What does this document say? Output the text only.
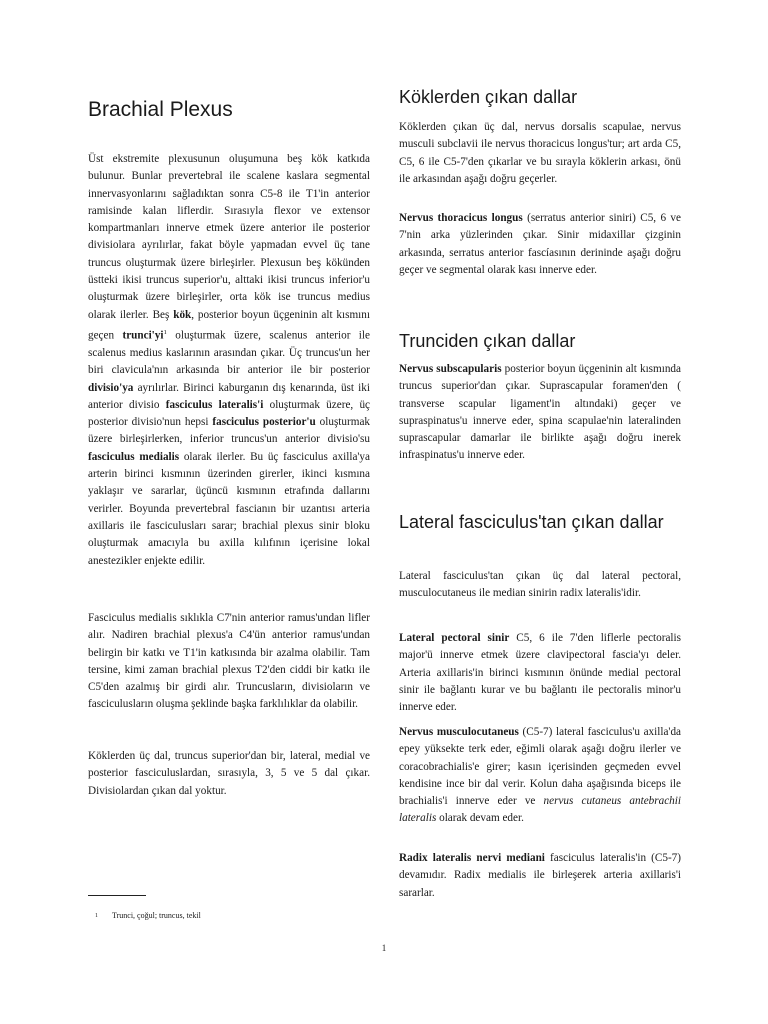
Brachial Plexus

Üst ekstremite plexusunun oluşumuna beş kök katkıda bulunur. Bunlar prevertebral ile scalene kaslara segmental innervasyonlarını sağladıktan sonra C5-8 ile T1'in anterior ramisinde kalan liflerdir. Sırasıyla flexor ve extensor kompartmanları innerve etmek üzere anterior ile posterior divisiolara ayrılırlar, fakat böyle yapmadan evvel üç tane truncus oluşturmak üzere birleşirler. Plexusun beş kökünden üstteki ikisi truncus superior'u, alttaki ikisi truncus inferior'u oluşturmak üzere birleşirler, orta kök ise truncus medius olarak ilerler. Beş kök, posterior boyun üçgeninin alt kısmını geçen $trunci'yi^1$ oluşturmak üzere, scalenus anterior ile scalenus medius kaslarının arasından çıkar. Üç truncus'un her biri clavicula'nın arkasında bir anterior ile bir posterior divisio'ya ayrılırlar. Birinci kaburganın dış kenarında, üst iki anterior divisio fasciculus lateralis'i oluşturmak üzere, üç posterior divisio'nun hepsi fasciculus posterior'u oluşturmak üzere birleşirlerken, inferior truncus'un anterior divisio'su fasciculus medialis olarak ilerler. Bu üç fasciculus axilla'ya arterin birinci kısmının üzerinden girerler, ikinci kısmına yaklaşır ve sararlar, üçüncü kısmının etrafında dallarını verirler. Boyunda prevertebral fascianın bir uzantısı arteria axillaris ile fasciculusları sarar; brachial plexus sinir bloku oluşturmak amacıyla bu axilla kılıfının içerisine lokal anestezikler enjekte edilir.

Fasciculus medialis sıklıkla C7'nin anterior ramus'undan lifler alır. Nadiren brachial plexus'a C4'ün anterior ramus'undan belirgin bir katkı ve T1'in katkısında bir azalma olabilir. Tam tersine, kimi zaman brachial plexus T2'den ciddi bir katkı ile C5'den azalmış bir girdi alır. Truncusların, divisioların ve fasciculusların oluşma şeklinde başka farklılıklar da olabilir.

Köklerden üç dal, truncus superior'dan bir, lateral, medial ve posterior fasciculuslardan, sırasıyla, 3, 5 ve 5 dal çıkar. Divisiolardan çıkan dal yoktur.

1 Trunci, çoğul; truncus, tekil
Köklerden çıkan dallar

Köklerden çıkan üç dal, nervus dorsalis scapulae, nervus musculi subclavii ile nervus thoracicus longus'tur; art arda C5, C5, 6 ile C5-7'den çıkarlar ve bu sırayla köklerin arkası, önü ile arkasından aşağı doğru geçerler.

Nervus thoracicus longus (serratus anterior siniri) C5, 6 ve 7'nin arka yüzlerinden çıkar. Sinir midaxillar çizginin arkasında, serratus anterior fascíasının derininde aşağı doğru geçer ve segmental olarak kası innerve eder.

Trunciden çıkan dallar

Nervus subscapularis posterior boyun üçgeninin alt kısmında truncus superior'dan çıkar. Suprascapular foramen'den ( transverse scapular ligament'in altındaki) geçer ve supraspinatus'u innerve eder, spina scapulae'nin lateralinden suprascapular damarlar ile birlikte aşağı doğru inerek infraspinatus'u innerve eder.

Lateral fasciculus'tan çıkan dallar

Lateral fasciculus'tan çıkan üç dal lateral pectoral, musculocutaneus ile median sinirin radix lateralis'idir.

Lateral pectoral sinir C5, 6 ile 7'den liflerle pectoralis major'ü innerve etmek üzere clavipectoral fascia'yı deler. Arteria axillaris'in birinci kısmının önünde medial pectoral sinir ile bağlantı kurar ve bu bağlantı ile pectoralis minor'u innerve eder.

Nervus musculocutaneus (C5-7) lateral fasciculus'u axilla'da epey yüksekte terk eder, eğimli olarak aşağı doğru ilerler ve coracobrachialis'e girer; kasın içerisinden geçmeden evvel kendisine ince bir dal verir. Kolun daha aşağısında biceps ile brachialis'i innerve eder ve nervus cutaneus antebrachii lateralis olarak devam eder.

Radix lateralis nervi mediani fasciculus lateralis'in (C5-7) devamıdır. Radix medialis ile birleşerek arteria axillaris'i sararlar.

1
